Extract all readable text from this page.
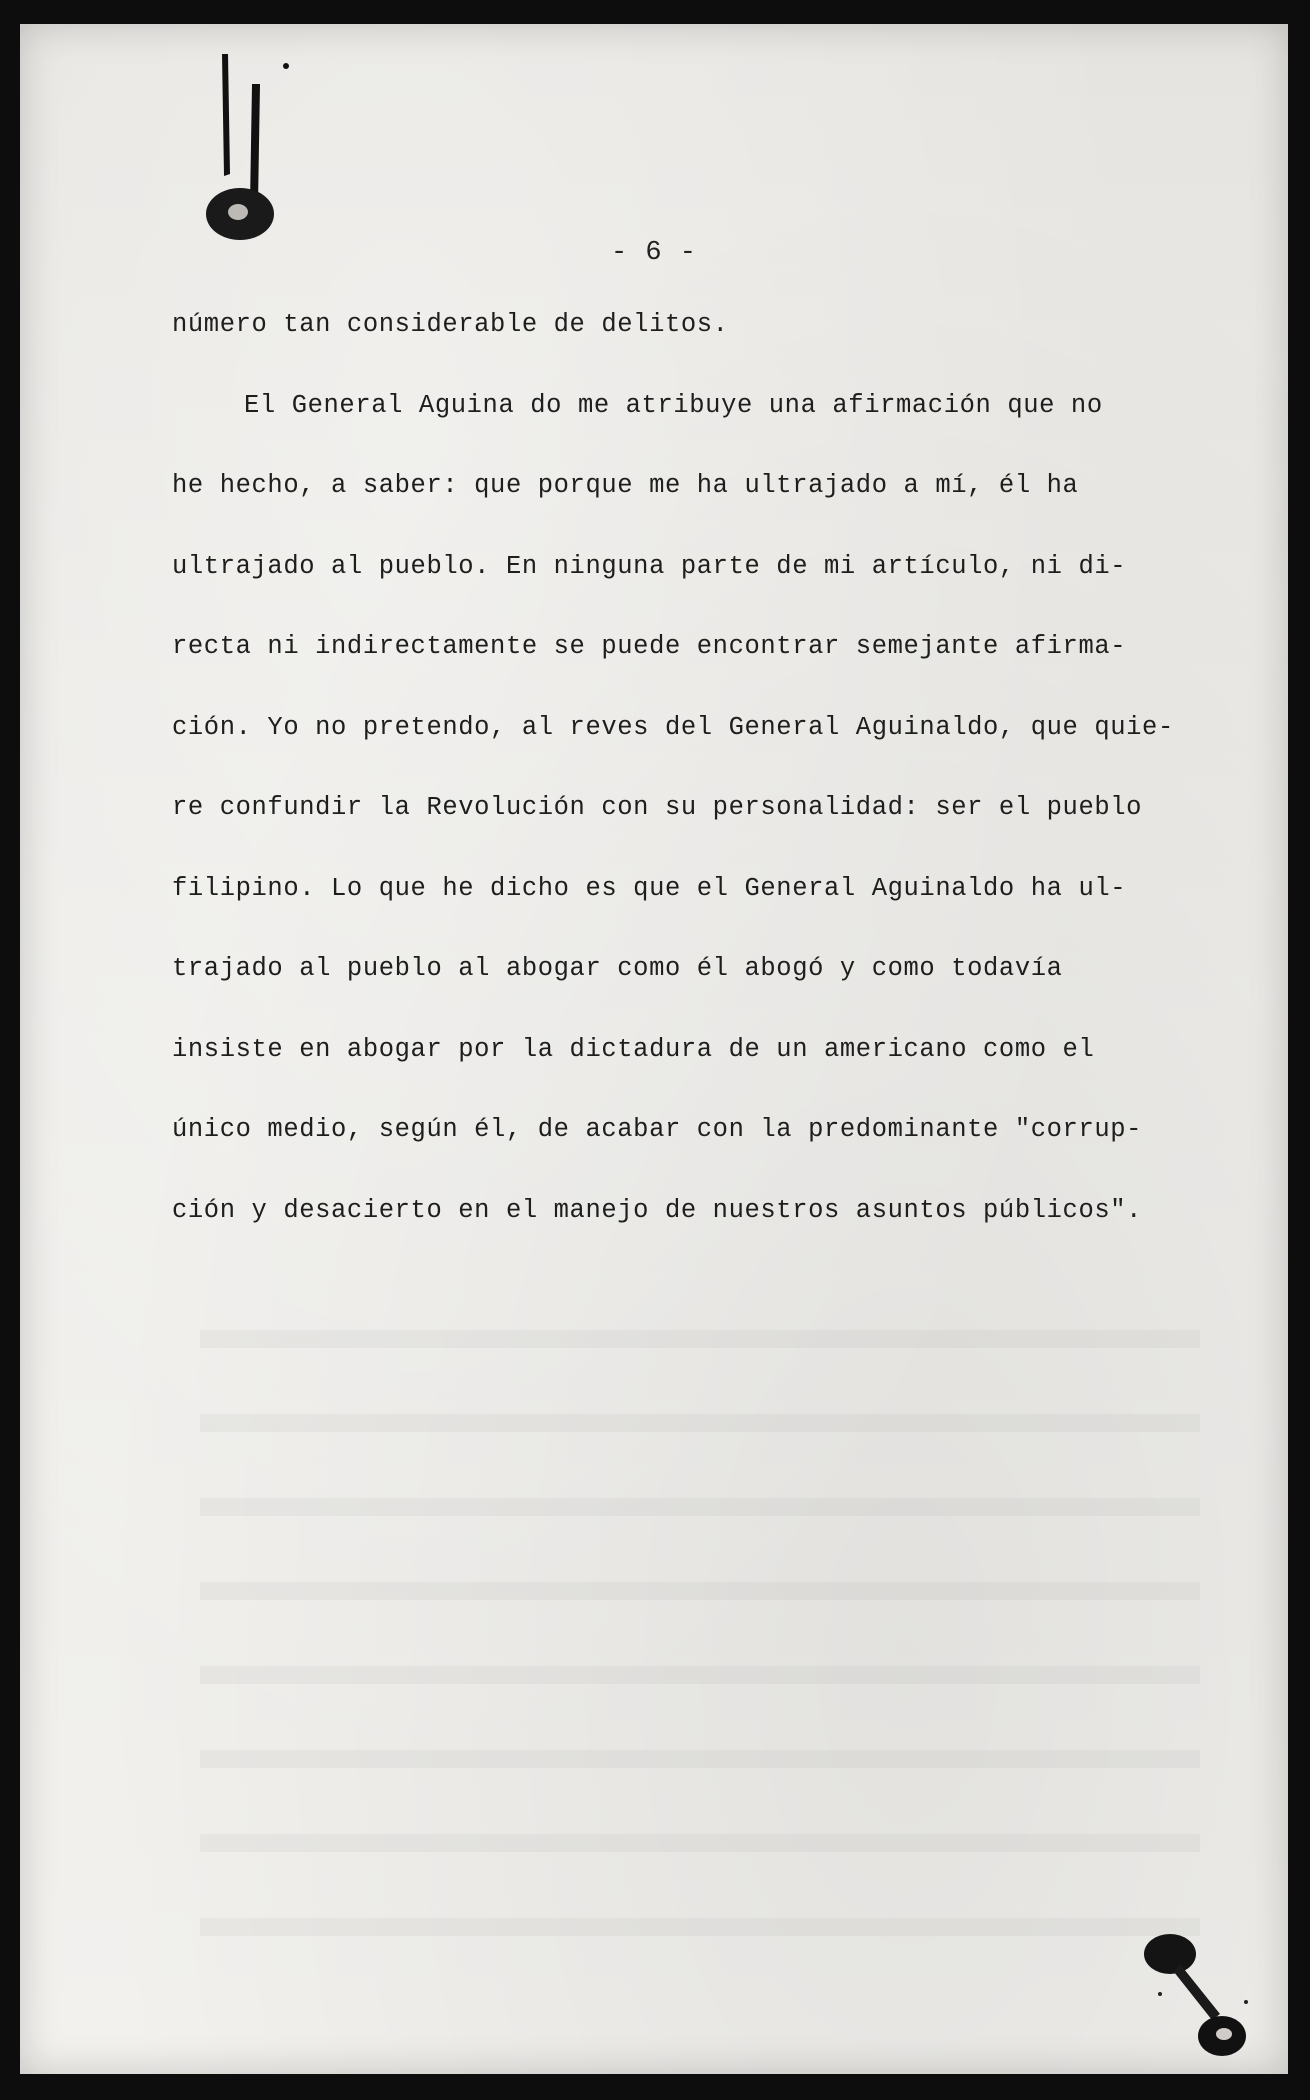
- 6 -
número tan considerable de delitos.
El General Aguina do me atribuye una afirmación que no
he hecho, a saber: que porque me ha ultrajado a mí, él ha
ultrajado al pueblo. En ninguna parte de mi artículo, ni di-
recta ni indirectamente se puede encontrar semejante afirma-
ción. Yo no pretendo, al reves del General Aguinaldo, que quie-
re confundir la Revolución con su personalidad: ser el pueblo
filipino. Lo que he dicho es que el General Aguinaldo ha ul-
trajado al pueblo al abogar como él abogó y como todavía
insiste en abogar por la dictadura de un americano como el
único medio, según él, de acabar con la predominante "corrup-
ción y desacierto en el manejo de nuestros asuntos públicos".
